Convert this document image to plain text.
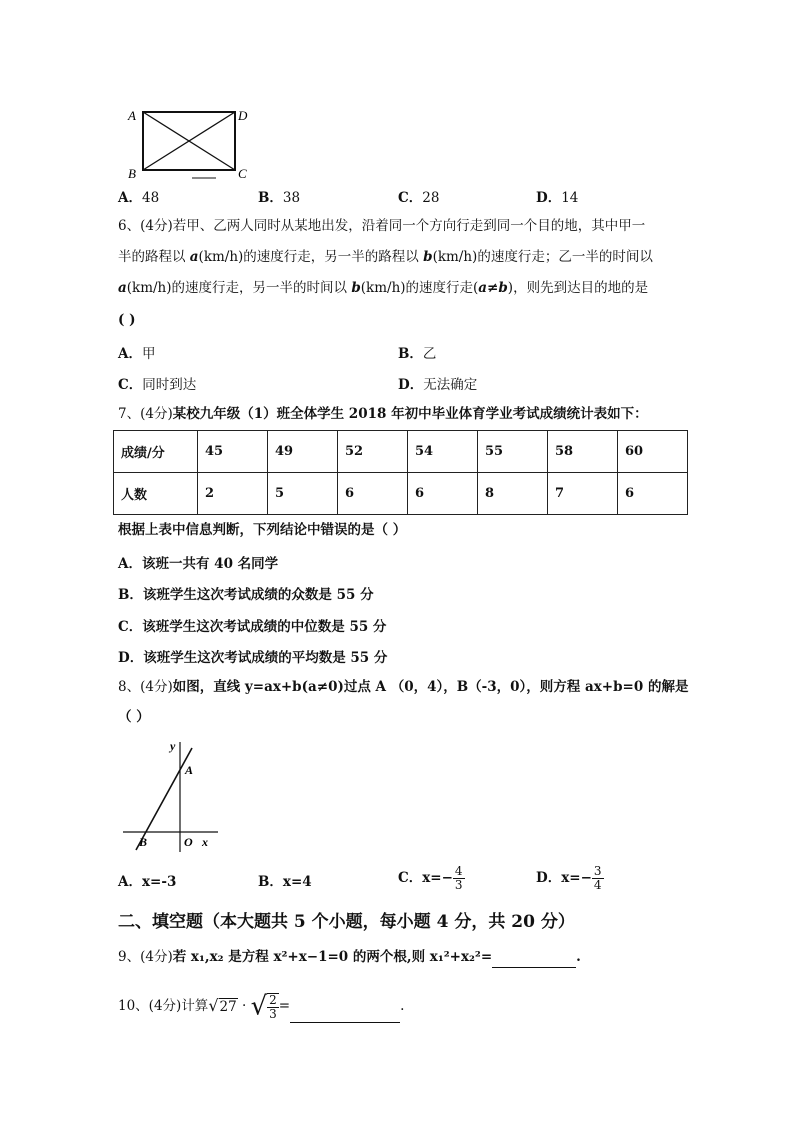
A	D
B	C
A．48	B．38	C．28	D．14
6、(4分)若甲、乙两人同时从某地出发，沿着同一个方向行走到同一个目的地，其中甲一
半的路程以 a(km/h)的速度行走，另一半的路程以 b(km/h)的速度行走；乙一半的时间以
a(km/h)的速度行走，另一半的时间以 b(km/h)的速度行走(a≠b)，则先到达目的地的是
( )
A．甲	B．乙
C．同时到达	D．无法确定
7、(4分)某校九年级（1）班全体学生 2018 年初中毕业体育学业考试成绩统计表如下：
成绩/分	45	49	52	54	55	58	60
人数	2	5	6	6	8	7	6
根据上表中信息判断，下列结论中错误的是（ ）
A．该班一共有 40 名同学
B．该班学生这次考试成绩的众数是 55 分
C．该班学生这次考试成绩的中位数是 55 分
D．该班学生这次考试成绩的平均数是 55 分
8、(4分)如图，直线 y=ax+b(a≠0)过点 A （0，4），B（-3，0），则方程 ax+b=0 的解是
（ ）
y
A
B	O x
A．x=-3	B．x=4	C．$x=- \frac{4}{3}$	D．$x=- \frac{3}{4}$
二、填空题（本大题共 5 个小题，每小题 4 分，共 20 分）
9、(4分)若 x₁,x₂ 是方程 x²+x−1=0 的两个根,则 x₁²+x₂²=	.
10、(4分)计算√27 · √ $\frac{2}{3}$ =	.
